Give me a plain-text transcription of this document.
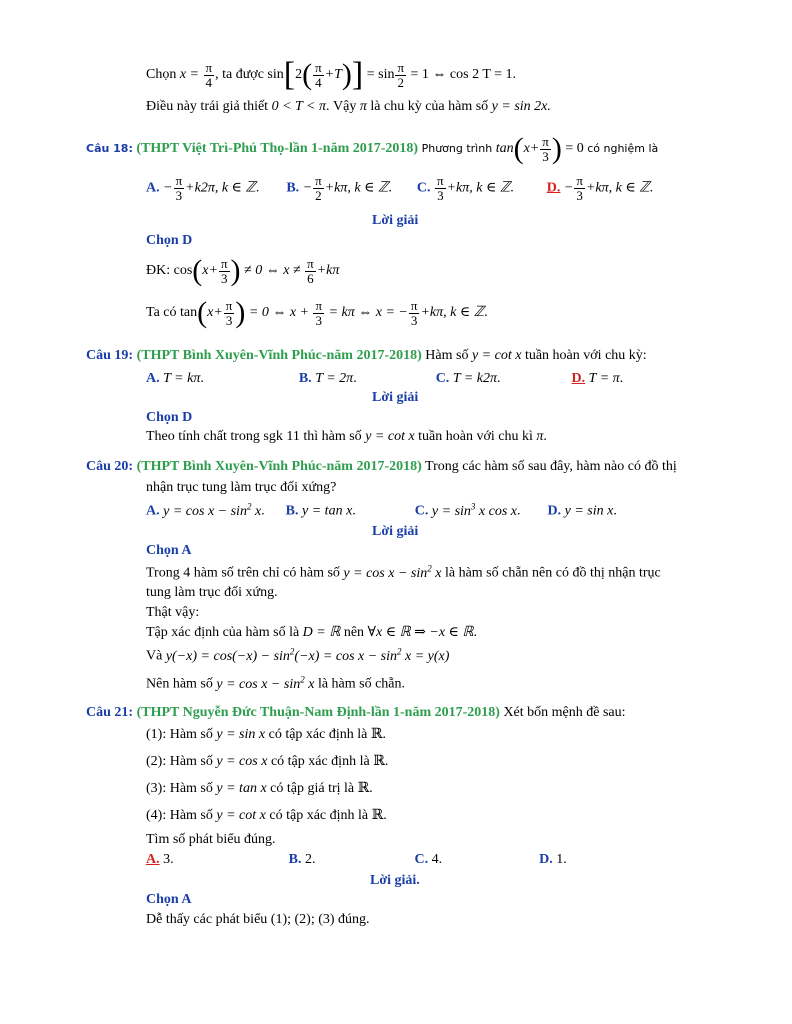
Chọn $x = \frac{\pi}{4}$ , ta được $\sin[2( \frac{\pi}{4} +T)] = \sin \frac{\pi}{2} = 1$ ⇔ cos 2 T = 1.
Điều này trái giả thiết 0 < T < π. Vậy π là chu kỳ của hàm số y = sin 2x.
Câu 18: (THPT Việt Trì-Phú Thọ-lần 1-năm 2017-2018) Phương trình $\tan(x+ \frac{\pi}{3}$ ) = 0 có nghiệm là
A. − $\frac{\pi}{3} +k2\pi$, k ∈ ℤ.  B. − $\frac{\pi}{2} +k\pi$, k ∈ ℤ.  C. $\frac{\pi}{3} +k\pi$, k ∈ ℤ.  D. − $\frac{\pi}{3} +k\pi$, k ∈ ℤ.
Lời giải
Chọn D
ĐK: $\cos(x+ \frac{\pi}{3}$ ) ≠ 0 ⇔ $x \ne \frac{\pi}{6} +k\pi$
Ta có $\tan(x+ \frac{\pi}{3}$ ) = 0 ⇔ $x + \frac{\pi}{3} = k\pi$ ⇔ x = − $\frac{\pi}{3} +k\pi$, k ∈ ℤ.
Câu 19: (THPT Bình Xuyên-Vĩnh Phúc-năm 2017-2018) Hàm số y = cot x tuần hoàn với chu kỳ:
A. T = kπ.	B. T = 2π.	C. T = k2π.	D. T = π.
Lời giải
Chọn D
Theo tính chất trong sgk 11 thì hàm số y = cot x tuần hoàn với chu kì π.
Câu 20: (THPT Bình Xuyên-Vĩnh Phúc-năm 2017-2018) Trong các hàm số sau đây, hàm nào có đồ thị
nhận trục tung làm trục đối xứng?
A. $y = \cos x - \sin^2 x$.  B. y = tan x.	C. $y = \sin^3 x$ cos x.  D. y = sin x.
Lời giải
Chọn A
Trong 4 hàm số trên chỉ có hàm số $y = \cos x - \sin^2 x$ là hàm số chẵn nên có đồ thị nhận trục
tung làm trục đối xứng.
Thật vậy:
Tập xác định của hàm số là D = ℝ nên ∀x ∈ ℝ ⇒ −x ∈ ℝ.
Và $y(-x) = \cos(-x) - \sin^2(-x) = \cos x - \sin^2 x = y(x)$
Nên hàm số $y = \cos x - \sin^2 x$ là hàm số chẵn.
Câu 21: (THPT Nguyễn Đức Thuận-Nam Định-lần 1-năm 2017-2018) Xét bốn mệnh đề sau:
(1): Hàm số y = sin x có tập xác định là ℝ.
(2): Hàm số y = cos x có tập xác định là ℝ.
(3): Hàm số y = tan x có tập giá trị là ℝ.
(4): Hàm số y = cot x có tập xác định là ℝ.
Tìm số phát biểu đúng.
A. 3.	B. 2.	C. 4.	D. 1.
Lời giải.
Chọn A
Dễ thấy các phát biểu (1); (2); (3) đúng.
